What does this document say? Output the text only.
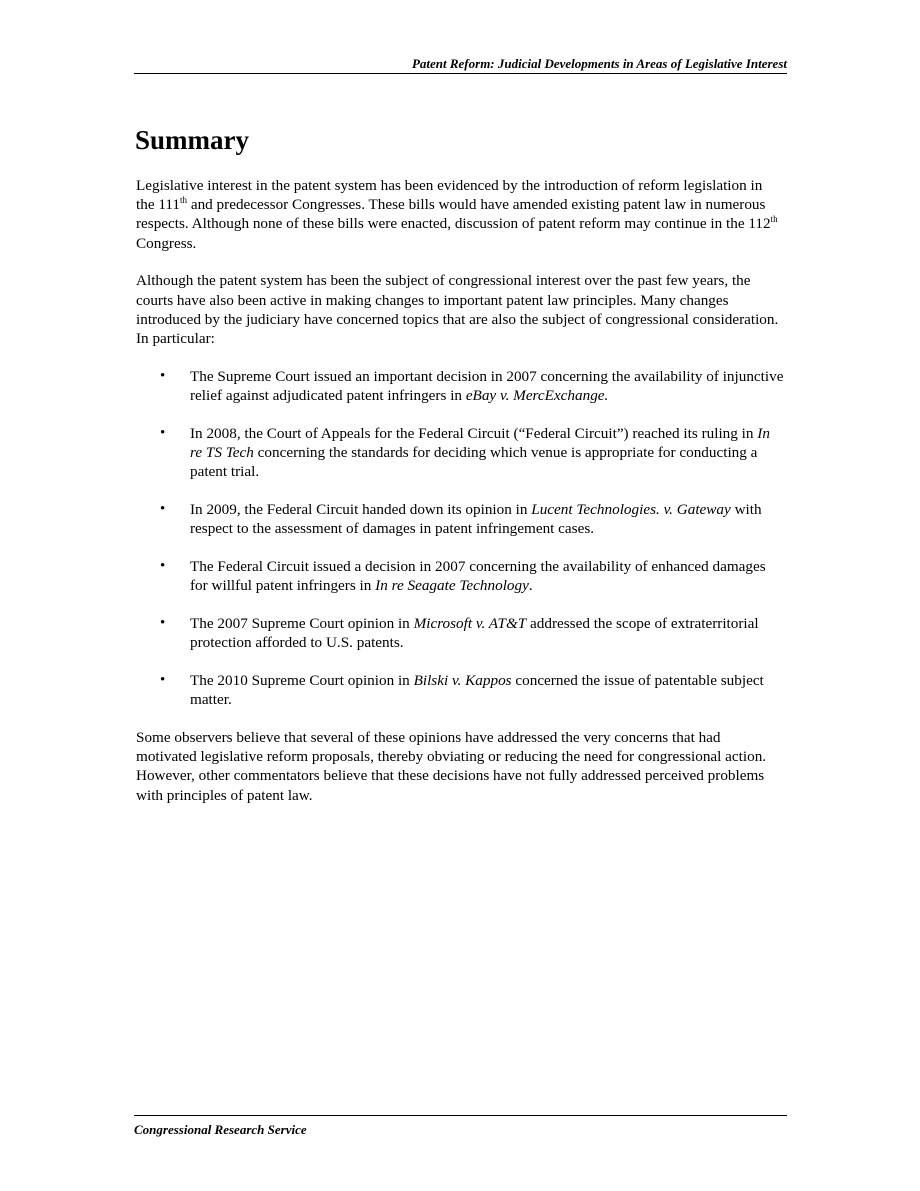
Patent Reform: Judicial Developments in Areas of Legislative Interest
Summary

Legislative interest in the patent system has been evidenced by the introduction of reform legislation in the 111th and predecessor Congresses. These bills would have amended existing patent law in numerous respects. Although none of these bills were enacted, discussion of patent reform may continue in the 112th Congress.

Although the patent system has been the subject of congressional interest over the past few years, the courts have also been active in making changes to important patent law principles. Many changes introduced by the judiciary have concerned topics that are also the subject of congressional consideration. In particular:

• The Supreme Court issued an important decision in 2007 concerning the availability of injunctive relief against adjudicated patent infringers in eBay v. MercExchange.
• In 2008, the Court of Appeals for the Federal Circuit (“Federal Circuit”) reached its ruling in In re TS Tech concerning the standards for deciding which venue is appropriate for conducting a patent trial.
• In 2009, the Federal Circuit handed down its opinion in Lucent Technologies. v. Gateway with respect to the assessment of damages in patent infringement cases.
• The Federal Circuit issued a decision in 2007 concerning the availability of enhanced damages for willful patent infringers in In re Seagate Technology.
• The 2007 Supreme Court opinion in Microsoft v. AT&T addressed the scope of extraterritorial protection afforded to U.S. patents.
• The 2010 Supreme Court opinion in Bilski v. Kappos concerned the issue of patentable subject matter.

Some observers believe that several of these opinions have addressed the very concerns that had motivated legislative reform proposals, thereby obviating or reducing the need for congressional action. However, other commentators believe that these decisions have not fully addressed perceived problems with principles of patent law.

Congressional Research Service
